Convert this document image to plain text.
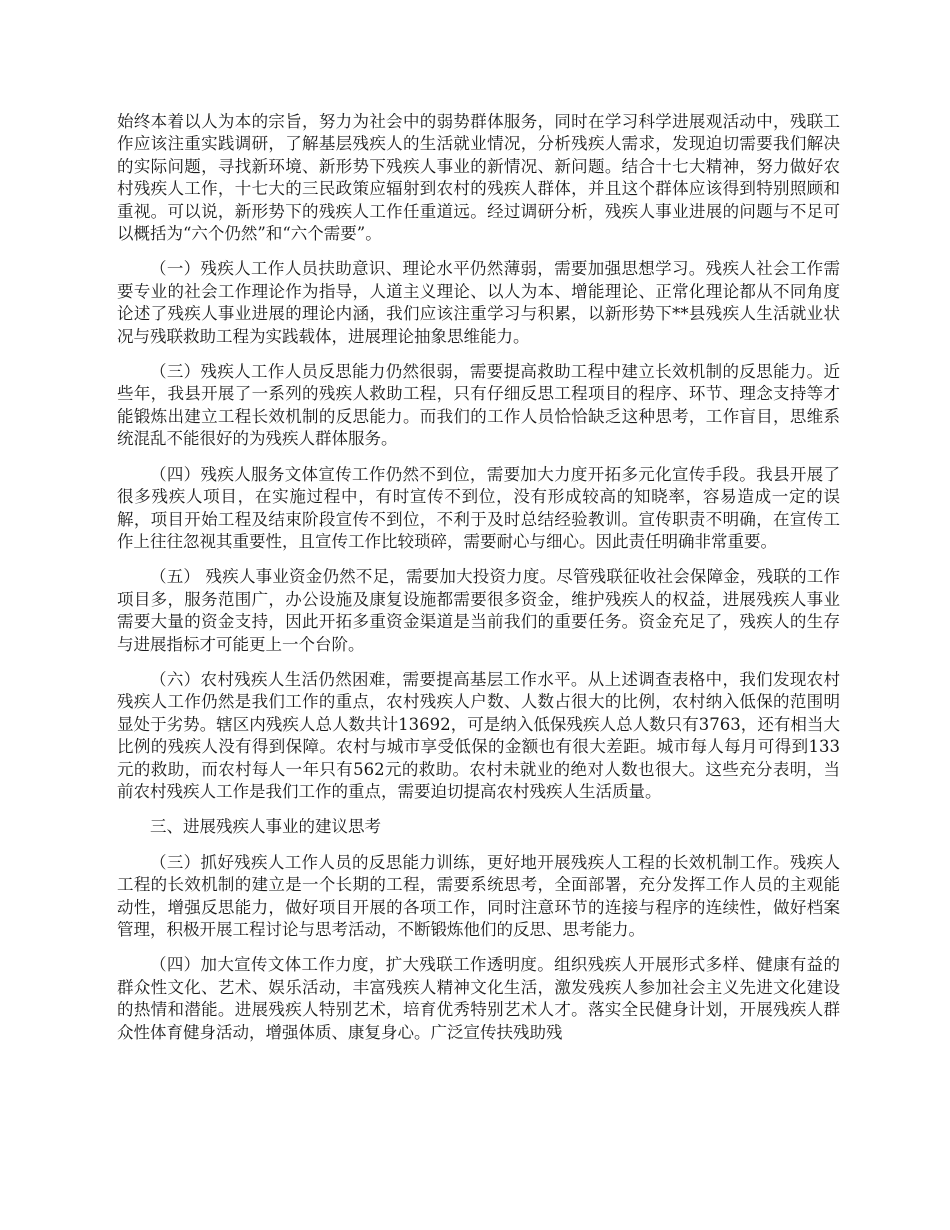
始终本着以人为本的宗旨，努力为社会中的弱势群体服务，同时在学习科学进展观活动中，残联工作应该注重实践调研，了解基层残疾人的生活就业情况，分析残疾人需求，发现迫切需要我们解决的实际问题，寻找新环境、新形势下残疾人事业的新情况、新问题。结合十七大精神，努力做好农村残疾人工作，十七大的三民政策应辐射到农村的残疾人群体，并且这个群体应该得到特别照顾和重视。可以说，新形势下的残疾人工作任重道远。经过调研分析，残疾人事业进展的问题与不足可以概括为“六个仍然”和“六个需要”。

（一）残疾人工作人员扶助意识、理论水平仍然薄弱，需要加强思想学习。残疾人社会工作需要专业的社会工作理论作为指导，人道主义理论、以人为本、增能理论、正常化理论都从不同角度论述了残疾人事业进展的理论内涵，我们应该注重学习与积累，以新形势下**县残疾人生活就业状况与残联救助工程为实践载体，进展理论抽象思维能力。

（三）残疾人工作人员反思能力仍然很弱，需要提高救助工程中建立长效机制的反思能力。近些年，我县开展了一系列的残疾人救助工程，只有仔细反思工程项目的程序、环节、理念支持等才能锻炼出建立工程长效机制的反思能力。而我们的工作人员恰恰缺乏这种思考，工作盲目，思维系统混乱不能很好的为残疾人群体服务。

（四）残疾人服务文体宣传工作仍然不到位，需要加大力度开拓多元化宣传手段。我县开展了很多残疾人项目，在实施过程中，有时宣传不到位，没有形成较高的知晓率，容易造成一定的误解，项目开始工程及结束阶段宣传不到位，不利于及时总结经验教训。宣传职责不明确，在宣传工作上往往忽视其重要性，且宣传工作比较琐碎，需要耐心与细心。因此责任明确非常重要。

（五） 残疾人事业资金仍然不足，需要加大投资力度。尽管残联征收社会保障金，残联的工作项目多，服务范围广，办公设施及康复设施都需要很多资金，维护残疾人的权益，进展残疾人事业需要大量的资金支持，因此开拓多重资金渠道是当前我们的重要任务。资金充足了，残疾人的生存与进展指标才可能更上一个台阶。

（六）农村残疾人生活仍然困难，需要提高基层工作水平。从上述调查表格中，我们发现农村残疾人工作仍然是我们工作的重点，农村残疾人户数、人数占很大的比例，农村纳入低保的范围明显处于劣势。辖区内残疾人总人数共计13692，可是纳入低保残疾人总人数只有3763，还有相当大比例的残疾人没有得到保障。农村与城市享受低保的金额也有很大差距。城市每人每月可得到133元的救助，而农村每人一年只有562元的救助。农村未就业的绝对人数也很大。这些充分表明，当前农村残疾人工作是我们工作的重点，需要迫切提高农村残疾人生活质量。

三、进展残疾人事业的建议思考

（三）抓好残疾人工作人员的反思能力训练，更好地开展残疾人工程的长效机制工作。残疾人工程的长效机制的建立是一个长期的工程，需要系统思考，全面部署，充分发挥工作人员的主观能动性，增强反思能力，做好项目开展的各项工作，同时注意环节的连接与程序的连续性，做好档案管理，积极开展工程讨论与思考活动，不断锻炼他们的反思、思考能力。

（四）加大宣传文体工作力度，扩大残联工作透明度。组织残疾人开展形式多样、健康有益的群众性文化、艺术、娱乐活动，丰富残疾人精神文化生活，激发残疾人参加社会主义先进文化建设的热情和潜能。进展残疾人特别艺术，培育优秀特别艺术人才。落实全民健身计划，开展残疾人群众性体育健身活动，增强体质、康复身心。广泛宣传扶残助残
